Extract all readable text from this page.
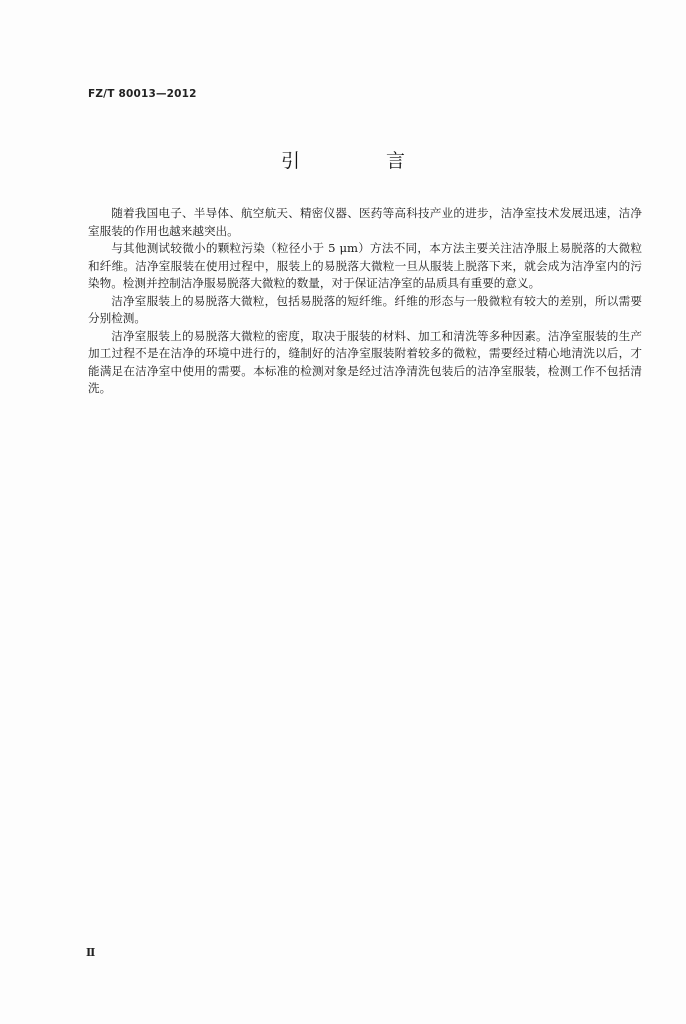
FZ/T 80013—2012
引 言

随着我国电子、半导体、航空航天、精密仪器、医药等高科技产业的进步，洁净室技术发展迅速，洁净室服装的作用也越来越突出。

与其他测试较微小的颗粒污染（粒径小于 5 μm）方法不同，本方法主要关注洁净服上易脱落的大微粒和纤维。洁净室服装在使用过程中，服装上的易脱落大微粒一旦从服装上脱落下来，就会成为洁净室内的污染物。检测并控制洁净服易脱落大微粒的数量，对于保证洁净室的品质具有重要的意义。

洁净室服装上的易脱落大微粒，包括易脱落的短纤维。纤维的形态与一般微粒有较大的差别，所以需要分别检测。

洁净室服装上的易脱落大微粒的密度，取决于服装的材料、加工和清洗等多种因素。洁净室服装的生产加工过程不是在洁净的环境中进行的，缝制好的洁净室服装附着较多的微粒，需要经过精心地清洗以后，才能满足在洁净室中使用的需要。本标准的检测对象是经过洁净清洗包装后的洁净室服装，检测工作不包括清洗。

Ⅱ
